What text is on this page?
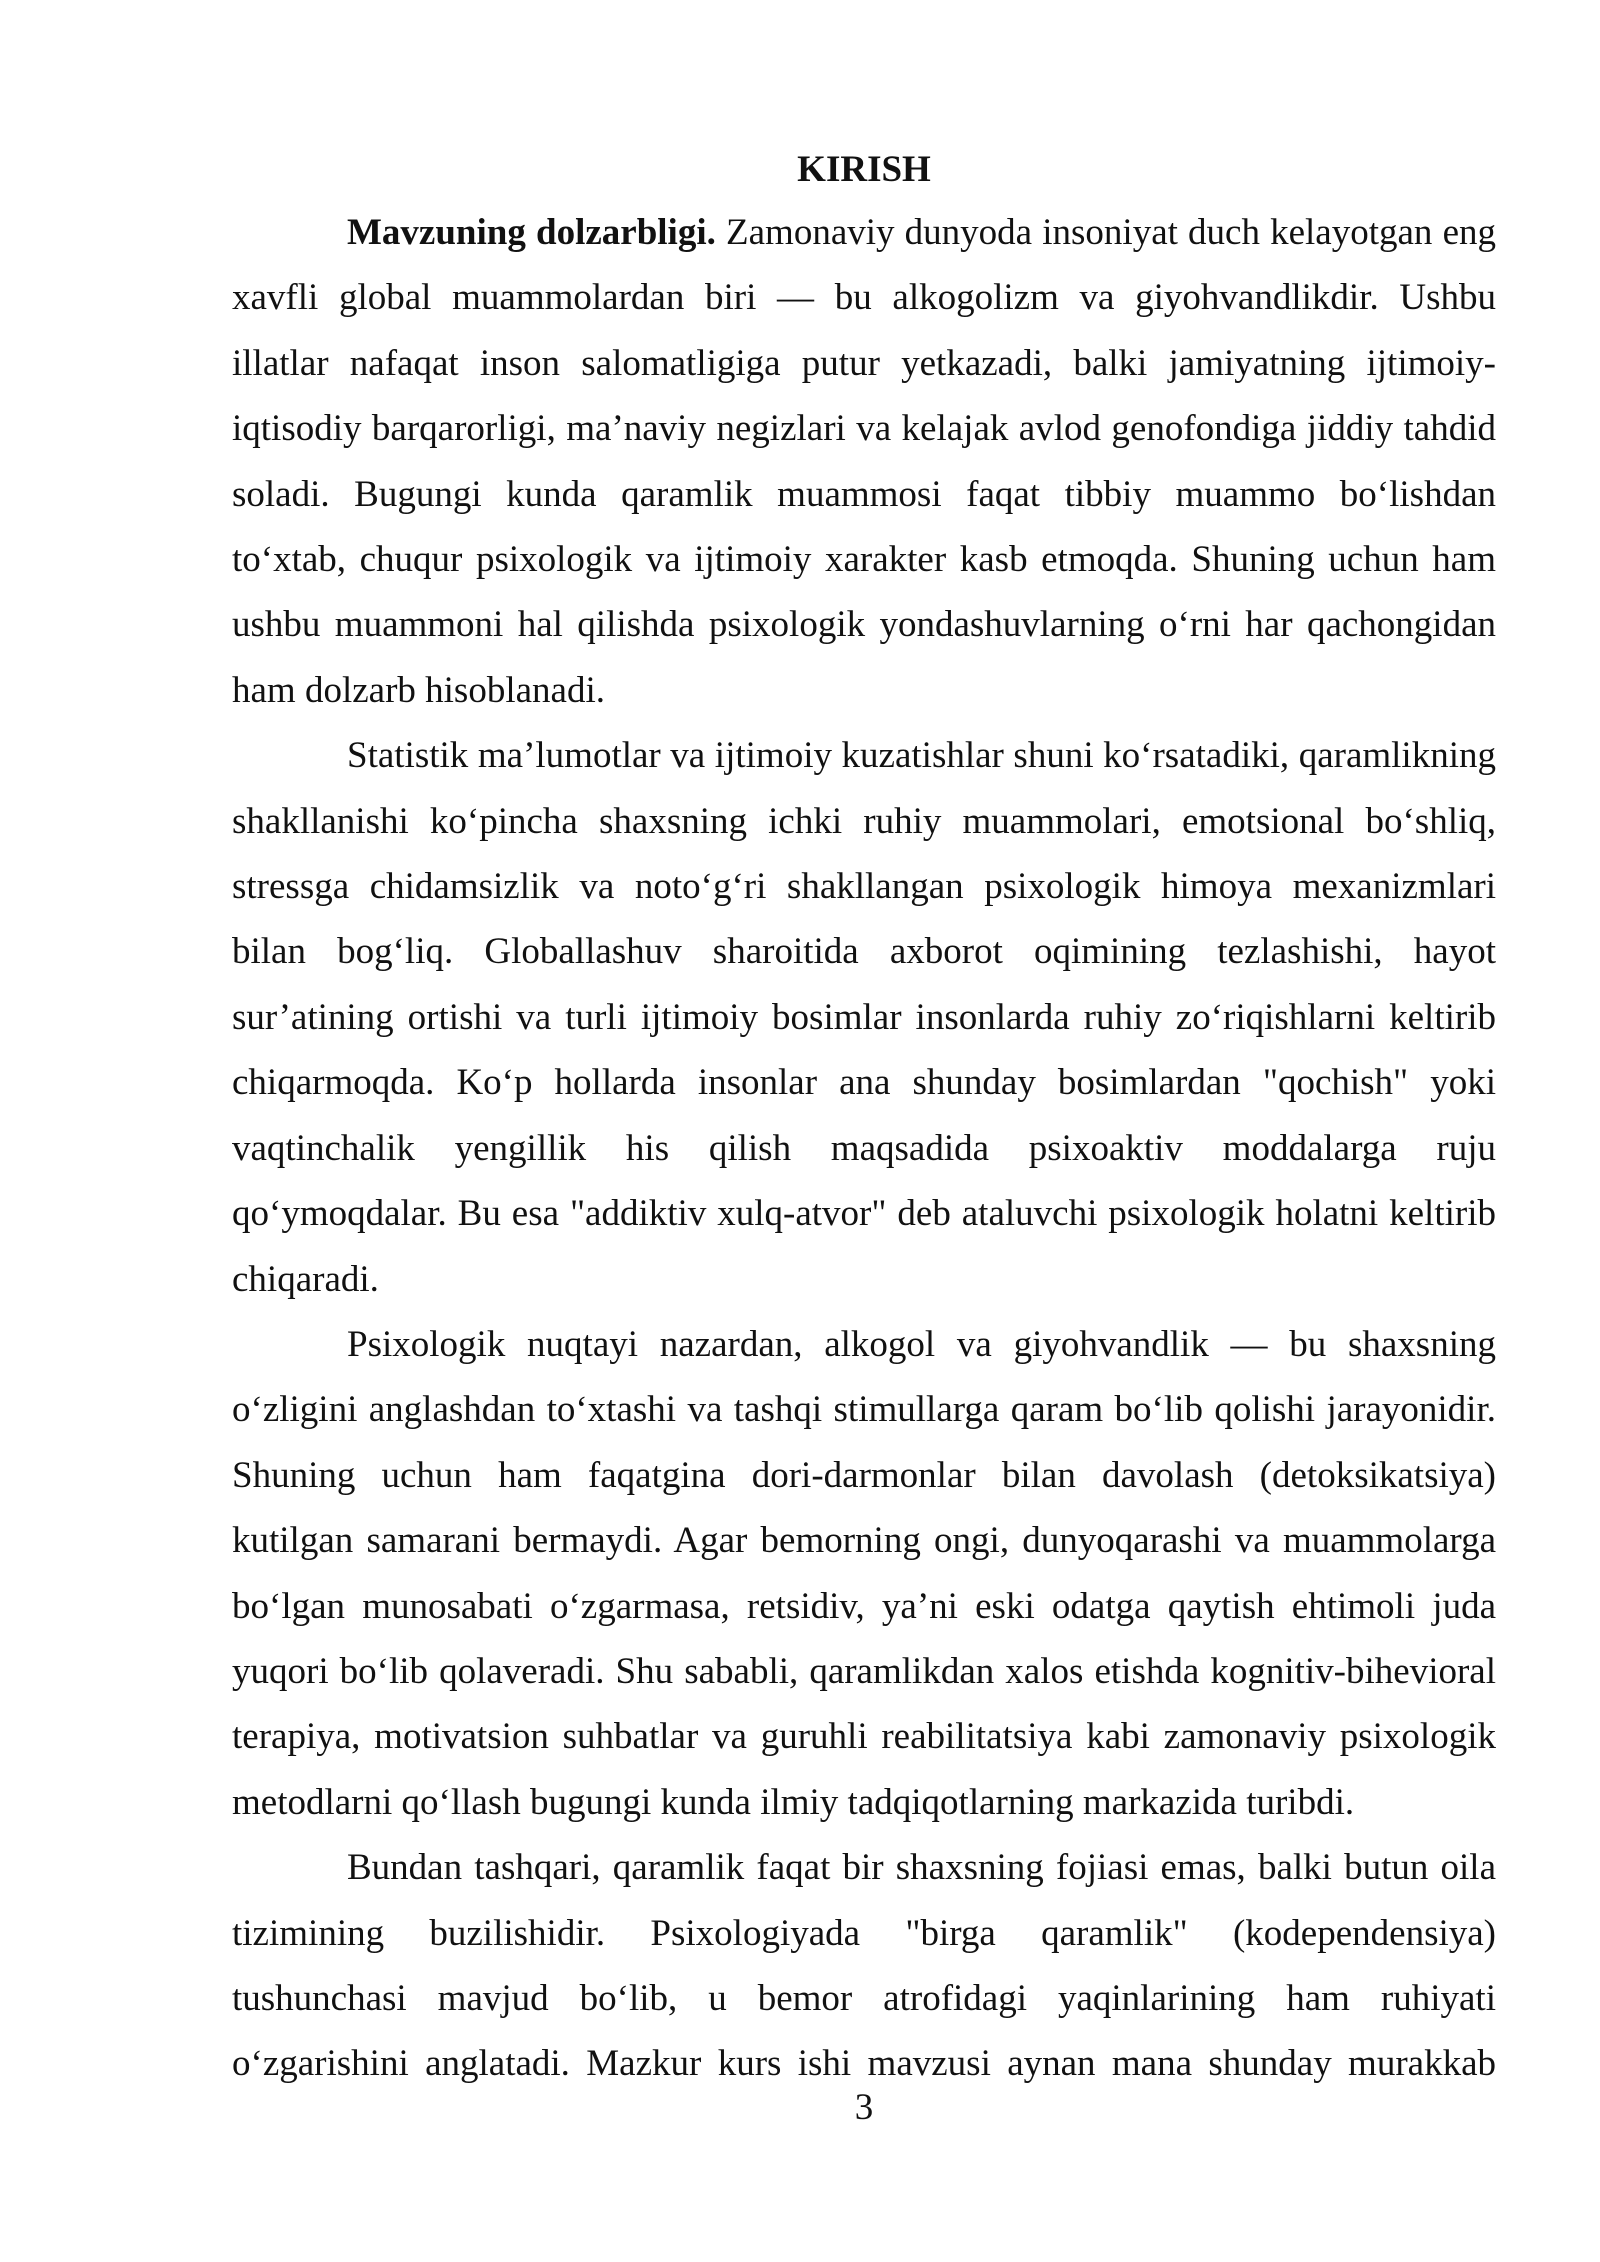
KIRISH

Mavzuning dolzarbligi. Zamonaviy dunyoda insoniyat duch kelayotgan eng xavfli global muammolardan biri — bu alkogolizm va giyohvandlikdir. Ushbu illatlar nafaqat inson salomatligiga putur yetkazadi, balki jamiyatning ijtimoiy-iqtisodiy barqarorligi, ma’naviy negizlari va kelajak avlod genofondiga jiddiy tahdid soladi. Bugungi kunda qaramlik muammosi faqat tibbiy muammo bo‘lishdan to‘xtab, chuqur psixologik va ijtimoiy xarakter kasb etmoqda. Shuning uchun ham ushbu muammoni hal qilishda psixologik yondashuvlarning o‘rni har qachongidan ham dolzarb hisoblanadi.

Statistik ma’lumotlar va ijtimoiy kuzatishlar shuni ko‘rsatadiki, qaramlikning shakllanishi ko‘pincha shaxsning ichki ruhiy muammolari, emotsional bo‘shliq, stressga chidamsizlik va noto‘g‘ri shakllangan psixologik himoya mexanizmlari bilan bog‘liq. Globallashuv sharoitida axborot oqimining tezlashishi, hayot sur’atining ortishi va turli ijtimoiy bosimlar insonlarda ruhiy zo‘riqishlarni keltirib chiqarmoqda. Ko‘p hollarda insonlar ana shunday bosimlardan "qochish" yoki vaqtinchalik yengillik his qilish maqsadida psixoaktiv moddalarga ruju qo‘ymoqdalar. Bu esa "addiktiv xulq-atvor" deb ataluvchi psixologik holatni keltirib chiqaradi.

Psixologik nuqtayi nazardan, alkogol va giyohvandlik — bu shaxsning o‘zligini anglashdan to‘xtashi va tashqi stimullarga qaram bo‘lib qolishi jarayonidir. Shuning uchun ham faqatgina dori-darmonlar bilan davolash (detoksikatsiya) kutilgan samarani bermaydi. Agar bemorning ongi, dunyoqarashi va muammolarga bo‘lgan munosabati o‘zgarmasa, retsidiv, ya’ni eski odatga qaytish ehtimoli juda yuqori bo‘lib qolaveradi. Shu sababli, qaramlikdan xalos etishda kognitiv-bihevioral terapiya, motivatsion suhbatlar va guruhli reabilitatsiya kabi zamonaviy psixologik metodlarni qo‘llash bugungi kunda ilmiy tadqiqotlarning markazida turibdi.

Bundan tashqari, qaramlik faqat bir shaxsning fojiasi emas, balki butun oila tizimining buzilishidir. Psixologiyada "birga qaramlik" (kodependensiya) tushunchasi mavjud bo‘lib, u bemor atrofidagi yaqinlarining ham ruhiyati o‘zgarishini anglatadi. Mazkur kurs ishi mavzusi aynan mana shunday murakkab

3
